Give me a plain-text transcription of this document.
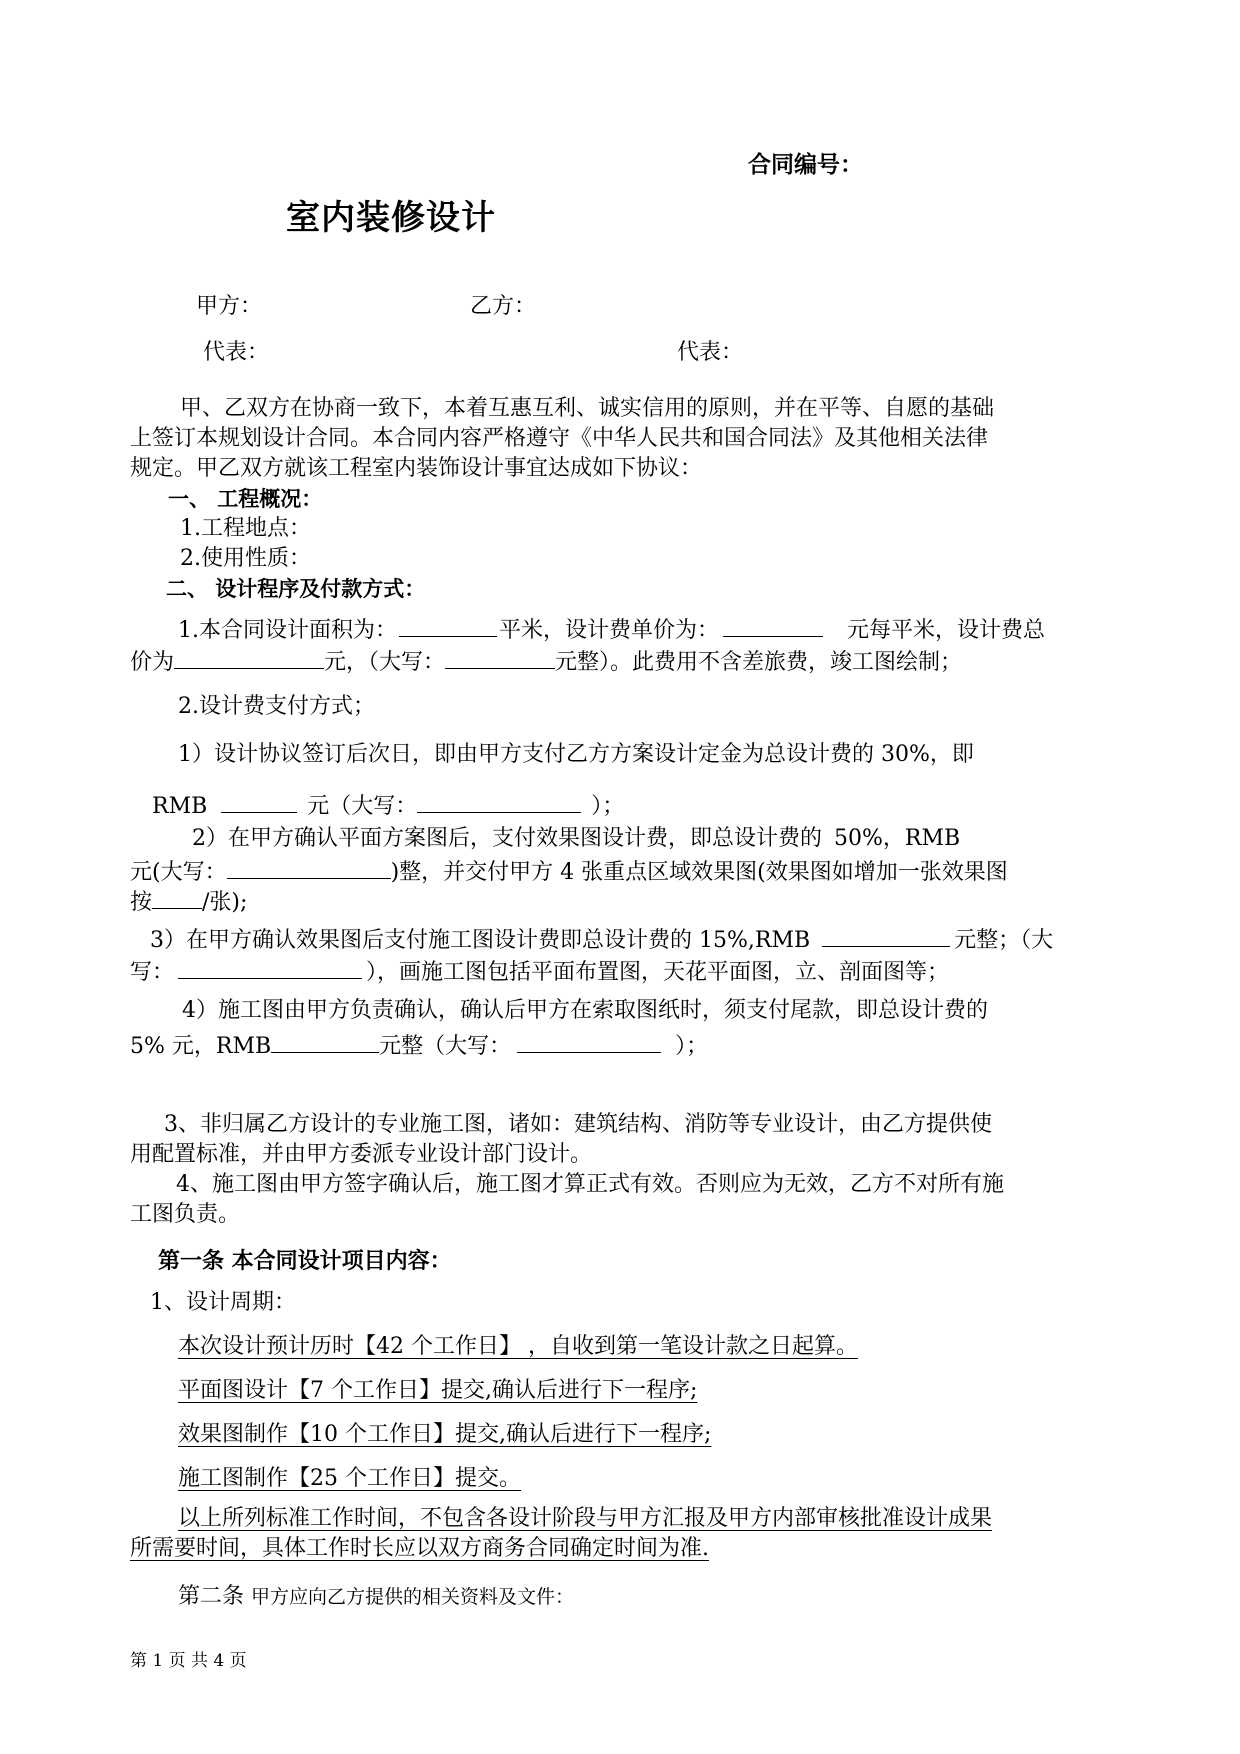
合同编号：
室内装修设计
甲方：	乙方：
代表：	代表：
甲、乙双方在协商一致下，本着互惠互利、诚实信用的原则，并在平等、自愿的基础
上签订本规划设计合同。本合同内容严格遵守《中华人民共和国合同法》及其他相关法律
规定。甲乙双方就该工程室内装饰设计事宜达成如下协议：
一、 工程概况：
1.工程地点：
2.使用性质：
二、 设计程序及付款方式：
1.本合同设计面积为：	平米，设计费单价为：	元每平米，设计费总
价为	元，（大写：	元整）。此费用不含差旅费，竣工图绘制；
2.设计费支付方式；
1）设计协议签订后次日，即由甲方支付乙方方案设计定金为总设计费的 30%，即
RMB	元（大写：	）；
2）在甲方确认平面方案图后，支付效果图设计费，即总设计费的 50%，RMB
元(大写：	)整，并交付甲方 4 张重点区域效果图(效果图如增加一张效果图
按 /张);
3）在甲方确认效果图后支付施工图设计费即总设计费的 15%,RMB	元整；（大
写：	），画施工图包括平面布置图，天花平面图，立、剖面图等；
4）施工图由甲方负责确认，确认后甲方在索取图纸时，须支付尾款，即总设计费的
5% 元，RMB	元整（大写：	）；
3、非归属乙方设计的专业施工图，诸如：建筑结构、消防等专业设计，由乙方提供使
用配置标准，并由甲方委派专业设计部门设计。
4、施工图由甲方签字确认后，施工图才算正式有效。否则应为无效，乙方不对所有施
工图负责。
第一条 本合同设计项目内容：
1、设计周期：
本次设计预计历时【42 个工作日】 ，自收到第一笔设计款之日起算。
平面图设计【7 个工作日】提交,确认后进行下一程序;
效果图制作【10 个工作日】提交,确认后进行下一程序;
施工图制作【25 个工作日】提交。
以上所列标准工作时间，不包含各设计阶段与甲方汇报及甲方内部审核批准设计成果
所需要时间，具体工作时长应以双方商务合同确定时间为准.
第二条 甲方应向乙方提供的相关资料及文件：
第 1 页 共 4 页
